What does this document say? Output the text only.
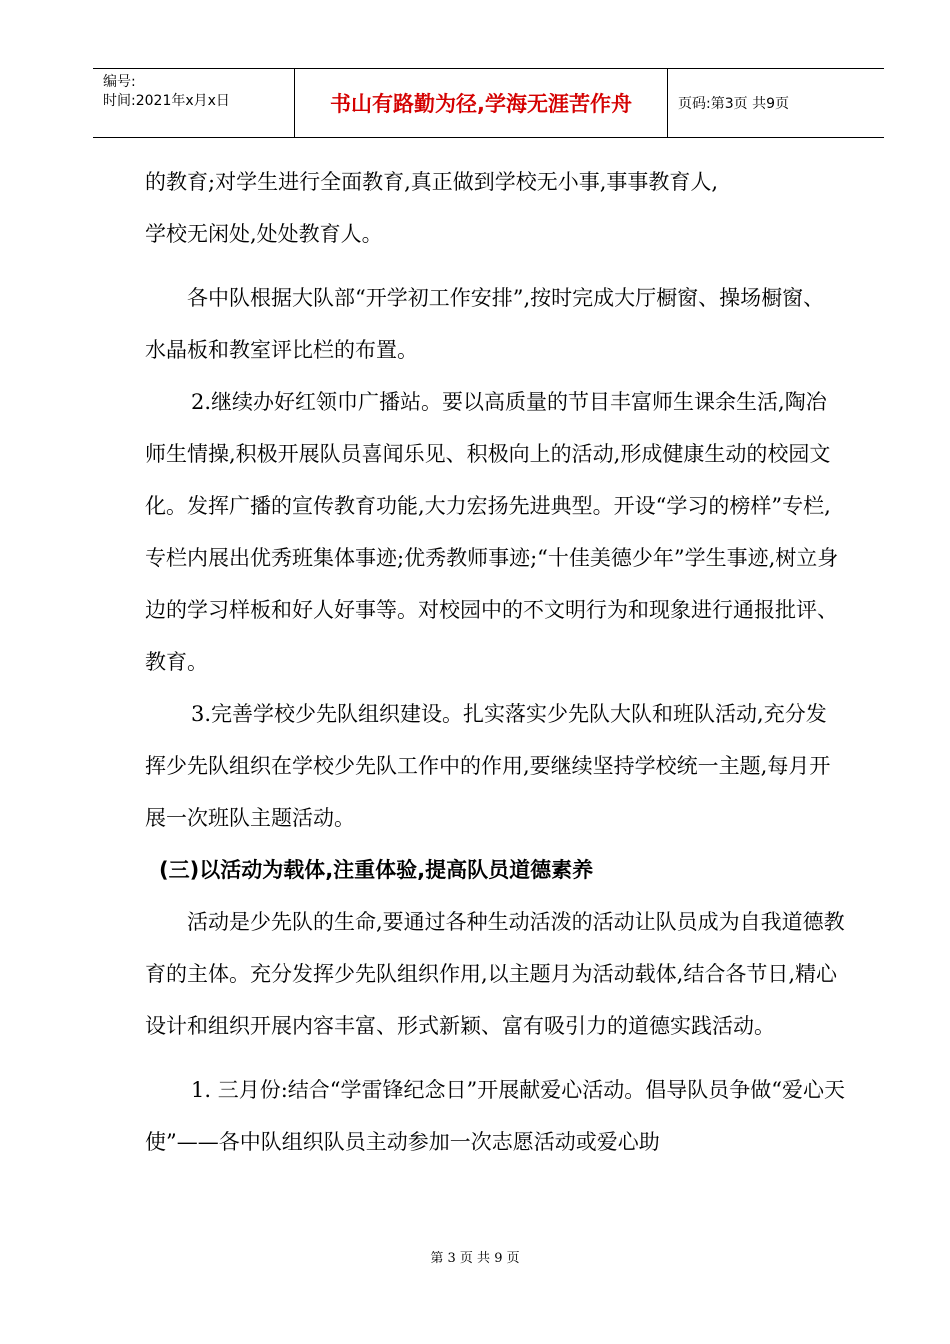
编号:
时间:2021年x月x日	书山有路勤为径,学海无涯苦作舟	页码:第3页 共9页

的教育;对学生进行全面教育,真正做到学校无小事,事事教育人,

学校无闲处,处处教育人。

各中队根据大队部“开学初工作安排”,按时完成大厅橱窗、操场橱窗、水晶板和教室评比栏的布置。

2.继续办好红领巾广播站。要以高质量的节目丰富师生课余生活,陶冶师生情操,积极开展队员喜闻乐见、积极向上的活动,形成健康生动的校园文化。发挥广播的宣传教育功能,大力宏扬先进典型。开设“学习的榜样”专栏,专栏内展出优秀班集体事迹;优秀教师事迹;“十佳美德少年”学生事迹,树立身边的学习样板和好人好事等。对校园中的不文明行为和现象进行通报批评、教育。

3.完善学校少先队组织建设。扎实落实少先队大队和班队活动,充分发挥少先队组织在学校少先队工作中的作用,要继续坚持学校统一主题,每月开展一次班队主题活动。

(三)以活动为载体,注重体验,提高队员道德素养

活动是少先队的生命,要通过各种生动活泼的活动让队员成为自我道德教育的主体。充分发挥少先队组织作用,以主题月为活动载体,结合各节日,精心设计和组织开展内容丰富、形式新颖、富有吸引力的道德实践活动。

1. 三月份:结合“学雷锋纪念日”开展献爱心活动。倡导队员争做“爱心天使”——各中队组织队员主动参加一次志愿活动或爱心助

第 3 页 共 9 页
